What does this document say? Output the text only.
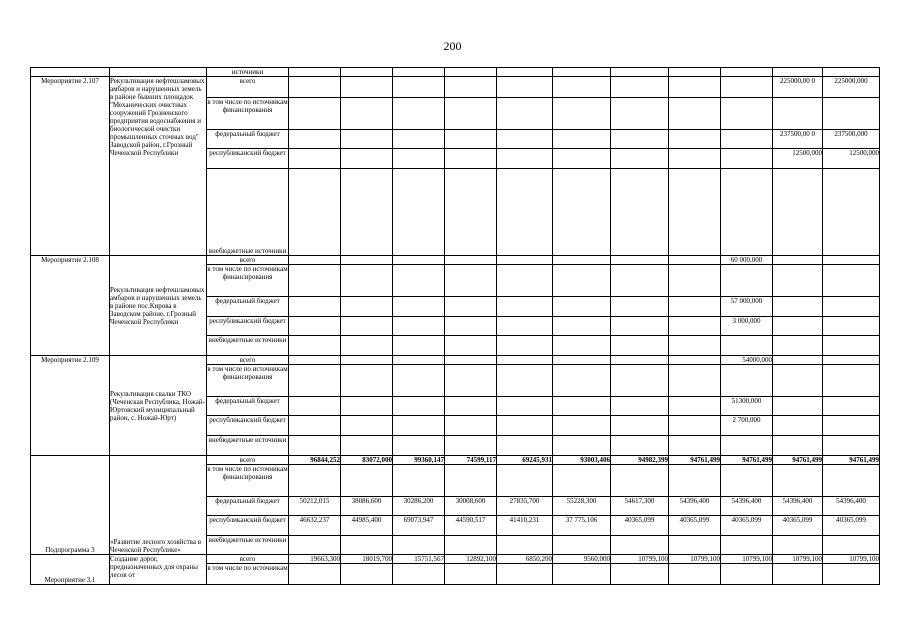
200
		источники											
Мероприятие 2.107	Рекультивация нефтешламовых амбаров и нарушенных земель в районе бывших площадок "Механических очистных сооружений Грозненского предприятия водоснабжения и биологической очистки промышленных сточных вод" Заводской район, г.Грозный Чеченской Республики	всего										225000,00 0	225000,000
		в том числе по источникам финансирования											
		федеральный бюджет										237500,00 0	237500,000
		республиканский бюджет										12500,000	12500,000
		внебюджетные источники											
Мероприятие 2.108	Рекультивация нефтешламовых амбаров и нарушенных земель в районе пос.Кирова в Заводском районе, г.Грозный Чеченской Республики	всего									60 000,000		
		в том числе по источникам финансирования											
		федеральный бюджет									57 000,000		
		республиканский бюджет									3 000,000		
		внебюджетные источники											
Мероприятие 2.109	Рекультивация свалки ТКО (Чеченская Республика, Ножай-Юртовский муниципальный район, с. Ножай-Юрт)	всего									54000,000		
		в том числе по источникам финансирования											
		федеральный бюджет									51300,000		
		республиканский бюджет									2 700,000		
		внебюджетные источники											
Подпрограмма 3	«Развитие лесного хозяйства в Чеченской Республике»	всего	96844,252	83072,000	99360,147	74599,117	69245,931	93003,406	94982,399	94761,499	94761,499	94761,499	94761,499
		в том числе по источникам финансирования											
		федеральный бюджет	50212,015	38086,600	30286,200	30008,600	27835,700	55228,300	54617,300	54396,400	54396,400	54396,400	54396,400
		республиканский бюджет	46632,237	44985,400	69073,947	44590,517	41410,231	37 775,106	40365,099	40365,099	40365,099	40365,099	40365,099
		внебюджетные источники											
Мероприятие 3.1	Создание дорог, предназначенных для охраны лесов от	всего	19663,300	18019,700	15751,567	12892,100	6850,200	9560,000	10799,100	10799,100	10799,100	10799,100	10799,100
		в том числе по источникам											
